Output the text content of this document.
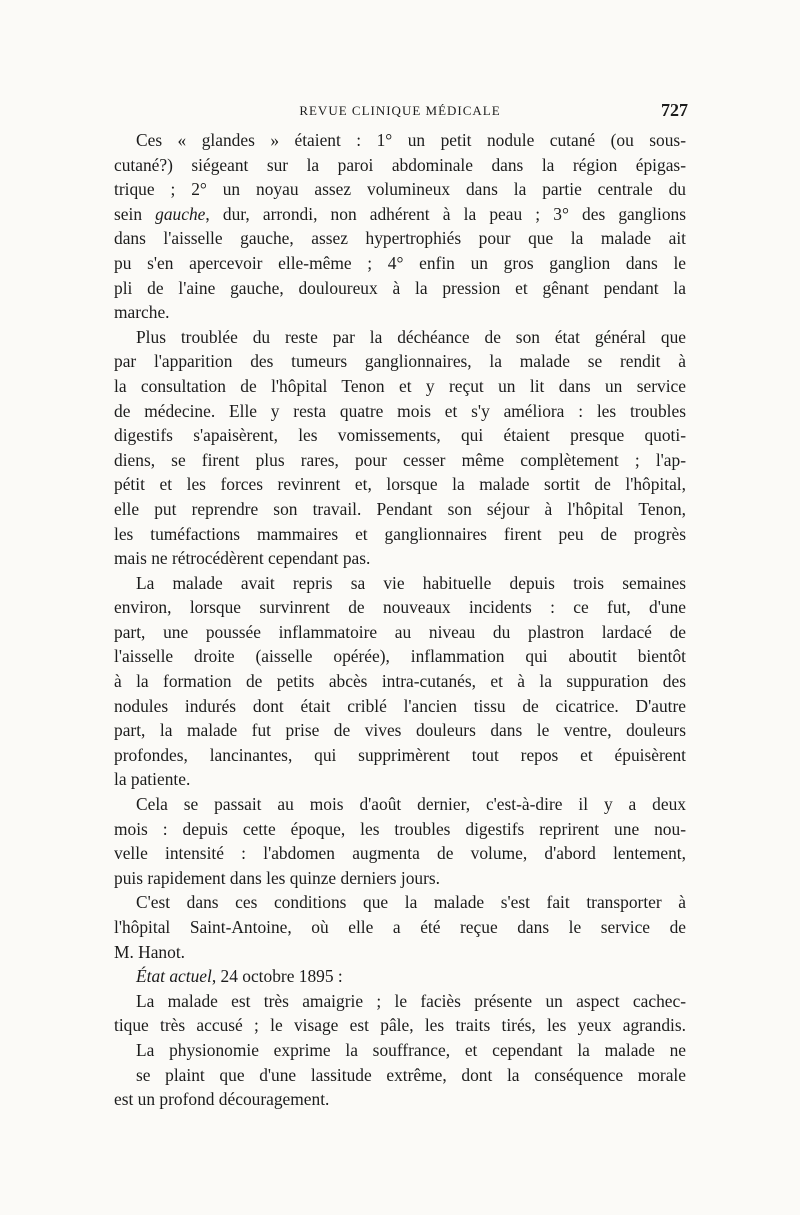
REVUE CLINIQUE MÉDICALE	727
Ces « glandes » étaient : 1° un petit nodule cutané (ou sous-
cutané?) siégeant sur la paroi abdominale dans la région épigas-
trique ; 2° un noyau assez volumineux dans la partie centrale du
sein gauche, dur, arrondi, non adhérent à la peau ; 3° des ganglions
dans l'aisselle gauche, assez hypertrophiés pour que la malade ait
pu s'en apercevoir elle-même ; 4° enfin un gros ganglion dans le
pli de l'aine gauche, douloureux à la pression et gênant pendant la
marche.
Plus troublée du reste par la déchéance de son état général que
par l'apparition des tumeurs ganglionnaires, la malade se rendit à
la consultation de l'hôpital Tenon et y reçut un lit dans un service
de médecine. Elle y resta quatre mois et s'y améliora : les troubles
digestifs s'apaisèrent, les vomissements, qui étaient presque quoti-
diens, se firent plus rares, pour cesser même complètement ; l'ap-
pétit et les forces revinrent et, lorsque la malade sortit de l'hôpital,
elle put reprendre son travail. Pendant son séjour à l'hôpital Tenon,
les tuméfactions mammaires et ganglionnaires firent peu de progrès
mais ne rétrocédèrent cependant pas.
La malade avait repris sa vie habituelle depuis trois semaines
environ, lorsque survinrent de nouveaux incidents : ce fut, d'une
part, une poussée inflammatoire au niveau du plastron lardacé de
l'aisselle droite (aisselle opérée), inflammation qui aboutit bientôt
à la formation de petits abcès intra-cutanés, et à la suppuration des
nodules indurés dont était criblé l'ancien tissu de cicatrice. D'autre
part, la malade fut prise de vives douleurs dans le ventre, douleurs
profondes, lancinantes, qui supprimèrent tout repos et épuisèrent
la patiente.
Cela se passait au mois d'août dernier, c'est-à-dire il y a deux
mois : depuis cette époque, les troubles digestifs reprirent une nou-
velle intensité : l'abdomen augmenta de volume, d'abord lentement,
puis rapidement dans les quinze derniers jours.
C'est dans ces conditions que la malade s'est fait transporter à
l'hôpital Saint-Antoine, où elle a été reçue dans le service de
M. Hanot.
État actuel, 24 octobre 1895 :
La malade est très amaigrie ; le faciès présente un aspect cachec-
tique très accusé ; le visage est pâle, les traits tirés, les yeux agrandis.
La physionomie exprime la souffrance, et cependant la malade ne
se plaint que d'une lassitude extrême, dont la conséquence morale
est un profond découragement.
